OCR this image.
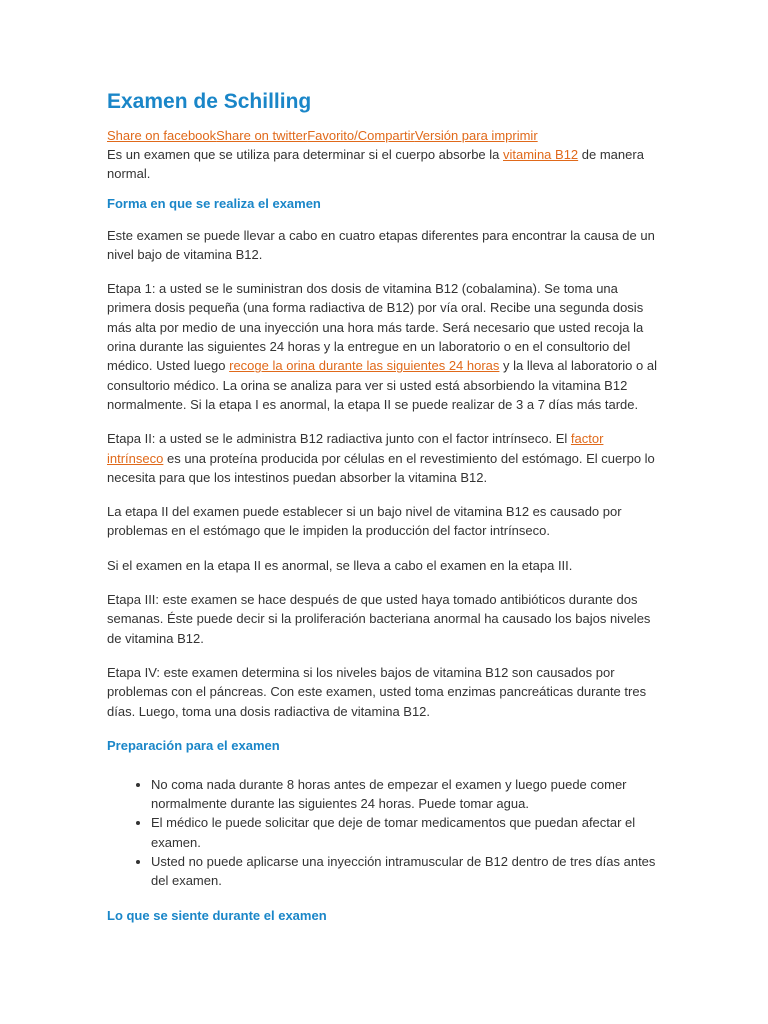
Examen de Schilling
Share on facebookShare on twitterFavorito/CompartirVersión para imprimir

Es un examen que se utiliza para determinar si el cuerpo absorbe la vitamina B12 de manera normal.

Forma en que se realiza el examen

Este examen se puede llevar a cabo en cuatro etapas diferentes para encontrar la causa de un nivel bajo de vitamina B12.

Etapa 1: a usted se le suministran dos dosis de vitamina B12 (cobalamina). Se toma una primera dosis pequeña (una forma radiactiva de B12) por vía oral. Recibe una segunda dosis más alta por medio de una inyección una hora más tarde. Será necesario que usted recoja la orina durante las siguientes 24 horas y la entregue en un laboratorio o en el consultorio del médico. Usted luego recoge la orina durante las siguientes 24 horas y la lleva al laboratorio o al consultorio médico. La orina se analiza para ver si usted está absorbiendo la vitamina B12 normalmente. Si la etapa I es anormal, la etapa II se puede realizar de 3 a 7 días más tarde.

Etapa II: a usted se le administra B12 radiactiva junto con el factor intrínseco. El factor intrínseco es una proteína producida por células en el revestimiento del estómago. El cuerpo lo necesita para que los intestinos puedan absorber la vitamina B12.

La etapa II del examen puede establecer si un bajo nivel de vitamina B12 es causado por problemas en el estómago que le impiden la producción del factor intrínseco.

Si el examen en la etapa II es anormal, se lleva a cabo el examen en la etapa III.

Etapa III: este examen se hace después de que usted haya tomado antibióticos durante dos semanas. Éste puede decir si la proliferación bacteriana anormal ha causado los bajos niveles de vitamina B12.

Etapa IV: este examen determina si los niveles bajos de vitamina B12 son causados por problemas con el páncreas. Con este examen, usted toma enzimas pancreáticas durante tres días. Luego, toma una dosis radiactiva de vitamina B12.

Preparación para el examen
• No coma nada durante 8 horas antes de empezar el examen y luego puede comer normalmente durante las siguientes 24 horas. Puede tomar agua.
• El médico le puede solicitar que deje de tomar medicamentos que puedan afectar el examen.
• Usted no puede aplicarse una inyección intramuscular de B12 dentro de tres días antes del examen.
Lo que se siente durante el examen
